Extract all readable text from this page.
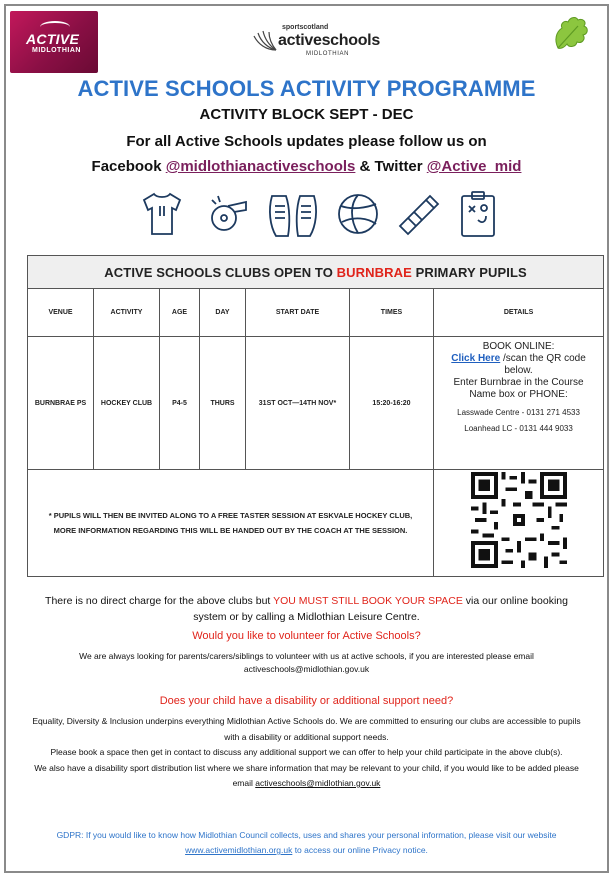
ACTIVE
MIDLOTHIAN
sportscotland
activeschools
MIDLOTHIAN
ACTIVE SCHOOLS ACTIVITY PROGRAMME
ACTIVITY BLOCK SEPT - DEC
For all Active Schools updates please follow us on
Facebook @midlothianactiveschools & Twitter @Active_mid
ACTIVE SCHOOLS CLUBS OPEN TO BURNBRAE PRIMARY PUPILS						
VENUE	ACTIVITY	AGE	DAY	START DATE	TIMES	DETAILS
BURNBRAE PS	HOCKEY CLUB	P4-5	THURS	31ST OCT—14TH NOV*	15:20-16:20	BOOK ONLINE:
Click Here /scan the QR code below.
Enter Burnbrae in the Course Name box or PHONE:
Lasswade Centre - 0131 271 4533
Loanhead LC - 0131 444 9033

* PUPILS WILL THEN BE INVITED ALONG TO A FREE TASTER SESSION AT ESKVALE HOCKEY CLUB, MORE INFORMATION REGARDING THIS WILL BE HANDED OUT BY THE COACH AT THE SESSION.	
There is no direct charge for the above clubs but YOU MUST STILL BOOK YOUR SPACE via our online booking system or by calling a Midlothian Leisure Centre.
Would you like to volunteer for Active Schools?
We are always looking for parents/carers/siblings to volunteer with us at active schools, if you are interested please email activeschools@midlothian.gov.uk
Does your child have a disability or additional support need?
Equality, Diversity & Inclusion underpins everything Midlothian Active Schools do. We are committed to ensuring our clubs are accessible to pupils with a disability or additional support needs.
Please book a space then get in contact to discuss any additional support we can offer to help your child participate in the above club(s).
We also have a disability sport distribution list where we share information that may be relevant to your child, if you would like to be added please email activeschools@midlothian.gov.uk
GDPR: If you would like to know how Midlothian Council collects, uses and shares your personal information, please visit our website www.activemidlothian.org.uk to access our online Privacy notice.
